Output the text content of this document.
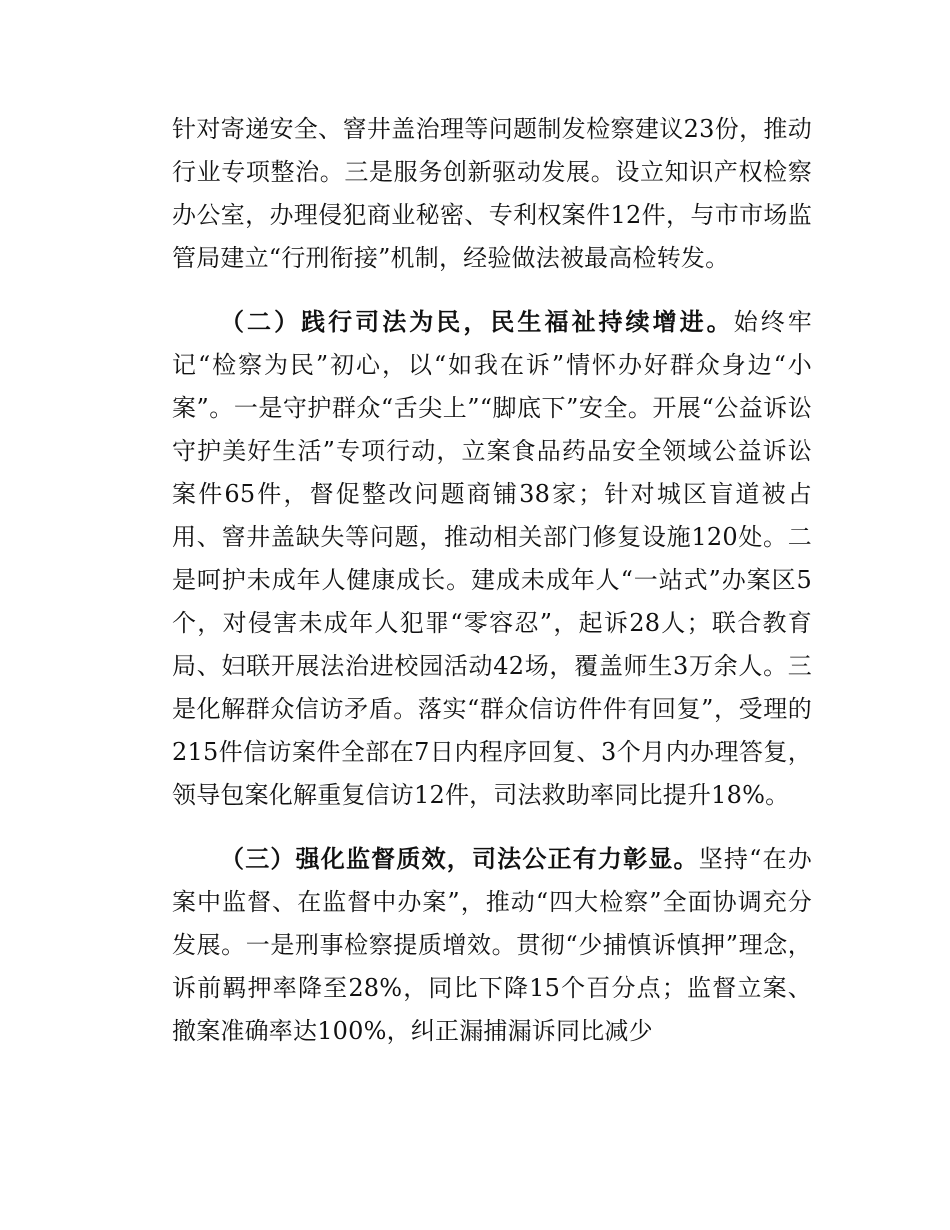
针对寄递安全、窨井盖治理等问题制发检察建议23份，推动行业专项整治。三是服务创新驱动发展。设立知识产权检察办公室，办理侵犯商业秘密、专利权案件12件，与市市场监管局建立“行刑衔接”机制，经验做法被最高检转发。

（二）践行司法为民，民生福祉持续增进。始终牢记“检察为民”初心，以“如我在诉”情怀办好群众身边“小案”。一是守护群众“舌尖上”“脚底下”安全。开展“公益诉讼守护美好生活”专项行动，立案食品药品安全领域公益诉讼案件65件，督促整改问题商铺38家；针对城区盲道被占用、窨井盖缺失等问题，推动相关部门修复设施120处。二是呵护未成年人健康成长。建成未成年人“一站式”办案区5个，对侵害未成年人犯罪“零容忍”，起诉28人；联合教育局、妇联开展法治进校园活动42场，覆盖师生3万余人。三是化解群众信访矛盾。落实“群众信访件件有回复”，受理的215件信访案件全部在7日内程序回复、3个月内办理答复，领导包案化解重复信访12件，司法救助率同比提升18%。

（三）强化监督质效，司法公正有力彰显。坚持“在办案中监督、在监督中办案”，推动“四大检察”全面协调充分发展。一是刑事检察提质增效。贯彻“少捕慎诉慎押”理念，诉前羁押率降至28%，同比下降15个百分点；监督立案、撤案准确率达100%，纠正漏捕漏诉同比减少
